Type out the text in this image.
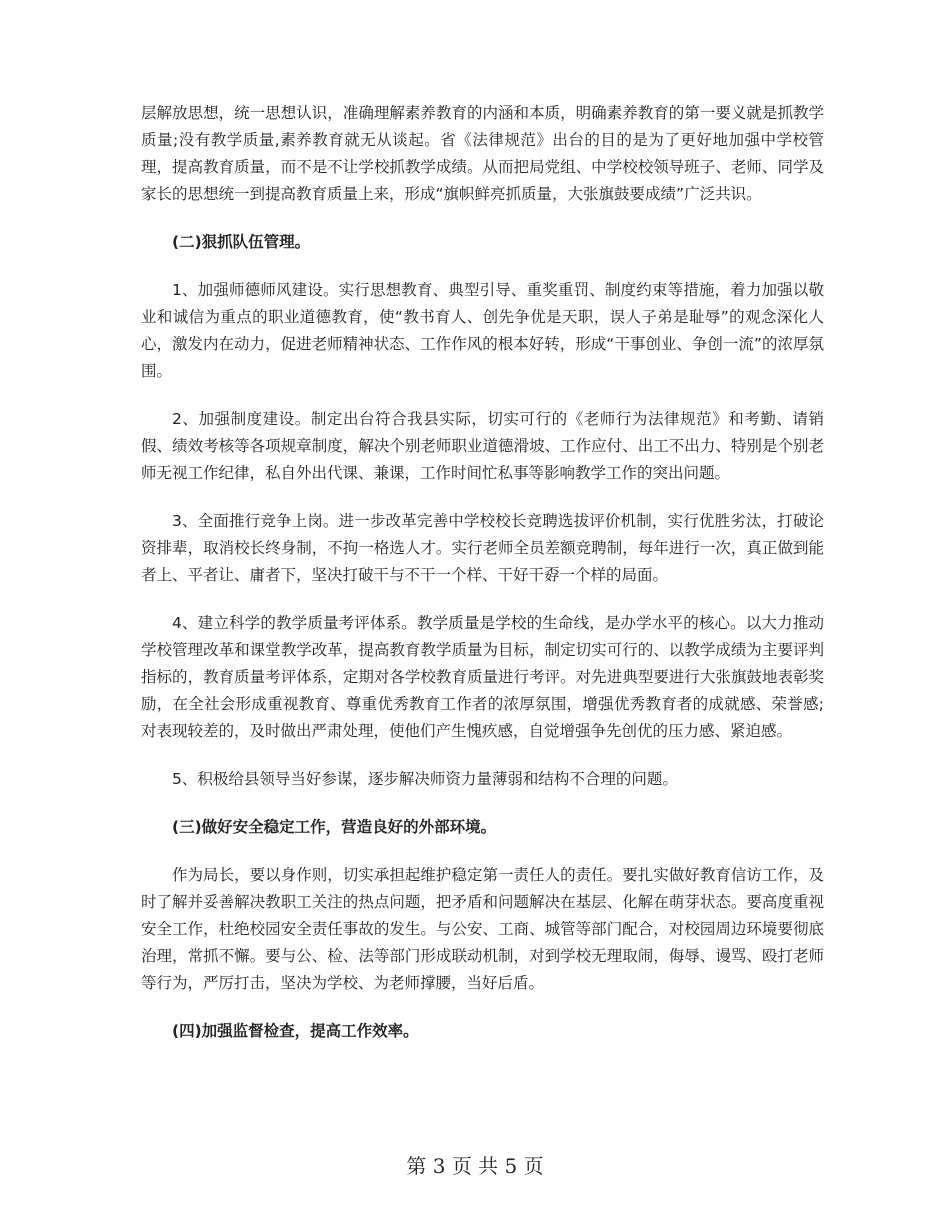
层解放思想，统一思想认识，准确理解素养教育的内涵和本质，明确素养教育的第一要义就是抓教学质量;没有教学质量,素养教育就无从谈起。省《法律规范》出台的目的是为了更好地加强中学校管理，提高教育质量，而不是不让学校抓教学成绩。从而把局党组、中学校校领导班子、老师、同学及家长的思想统一到提高教育质量上来，形成“旗帜鲜亮抓质量，大张旗鼓要成绩”广泛共识。

(二)狠抓队伍管理。

1、加强师德师风建设。实行思想教育、典型引导、重奖重罚、制度约束等措施，着力加强以敬业和诚信为重点的职业道德教育，使“教书育人、创先争优是天职，误人子弟是耻辱”的观念深化人心，激发内在动力，促进老师精神状态、工作作风的根本好转，形成“干事创业、争创一流”的浓厚氛围。

2、加强制度建设。制定出台符合我县实际，切实可行的《老师行为法律规范》和考勤、请销假、绩效考核等各项规章制度，解决个别老师职业道德滑坡、工作应付、出工不出力、特别是个别老师无视工作纪律，私自外出代课、兼课，工作时间忙私事等影响教学工作的突出问题。

3、全面推行竞争上岗。进一步改革完善中学校校长竞聘选拔评价机制，实行优胜劣汰，打破论资排辈，取消校长终身制，不拘一格选人才。实行老师全员差额竞聘制，每年进行一次，真正做到能者上、平者让、庸者下，坚决打破干与不干一个样、干好干孬一个样的局面。

4、建立科学的教学质量考评体系。教学质量是学校的生命线，是办学水平的核心。以大力推动学校管理改革和课堂教学改革，提高教育教学质量为目标，制定切实可行的、以教学成绩为主要评判指标的，教育质量考评体系，定期对各学校教育质量进行考评。对先进典型要进行大张旗鼓地表彰奖励，在全社会形成重视教育、尊重优秀教育工作者的浓厚氛围，增强优秀教育者的成就感、荣誉感;对表现较差的，及时做出严肃处理，使他们产生愧疚感，自觉增强争先创优的压力感、紧迫感。

5、积极给县领导当好参谋，逐步解决师资力量薄弱和结构不合理的问题。

(三)做好安全稳定工作，营造良好的外部环境。

作为局长，要以身作则，切实承担起维护稳定第一责任人的责任。要扎实做好教育信访工作，及时了解并妥善解决教职工关注的热点问题，把矛盾和问题解决在基层、化解在萌芽状态。要高度重视安全工作，杜绝校园安全责任事故的发生。与公安、工商、城管等部门配合，对校园周边环境要彻底治理，常抓不懈。要与公、检、法等部门形成联动机制，对到学校无理取闹，侮辱、谩骂、殴打老师等行为，严厉打击，坚决为学校、为老师撑腰，当好后盾。

(四)加强监督检查，提高工作效率。

第 3 页 共 5 页
